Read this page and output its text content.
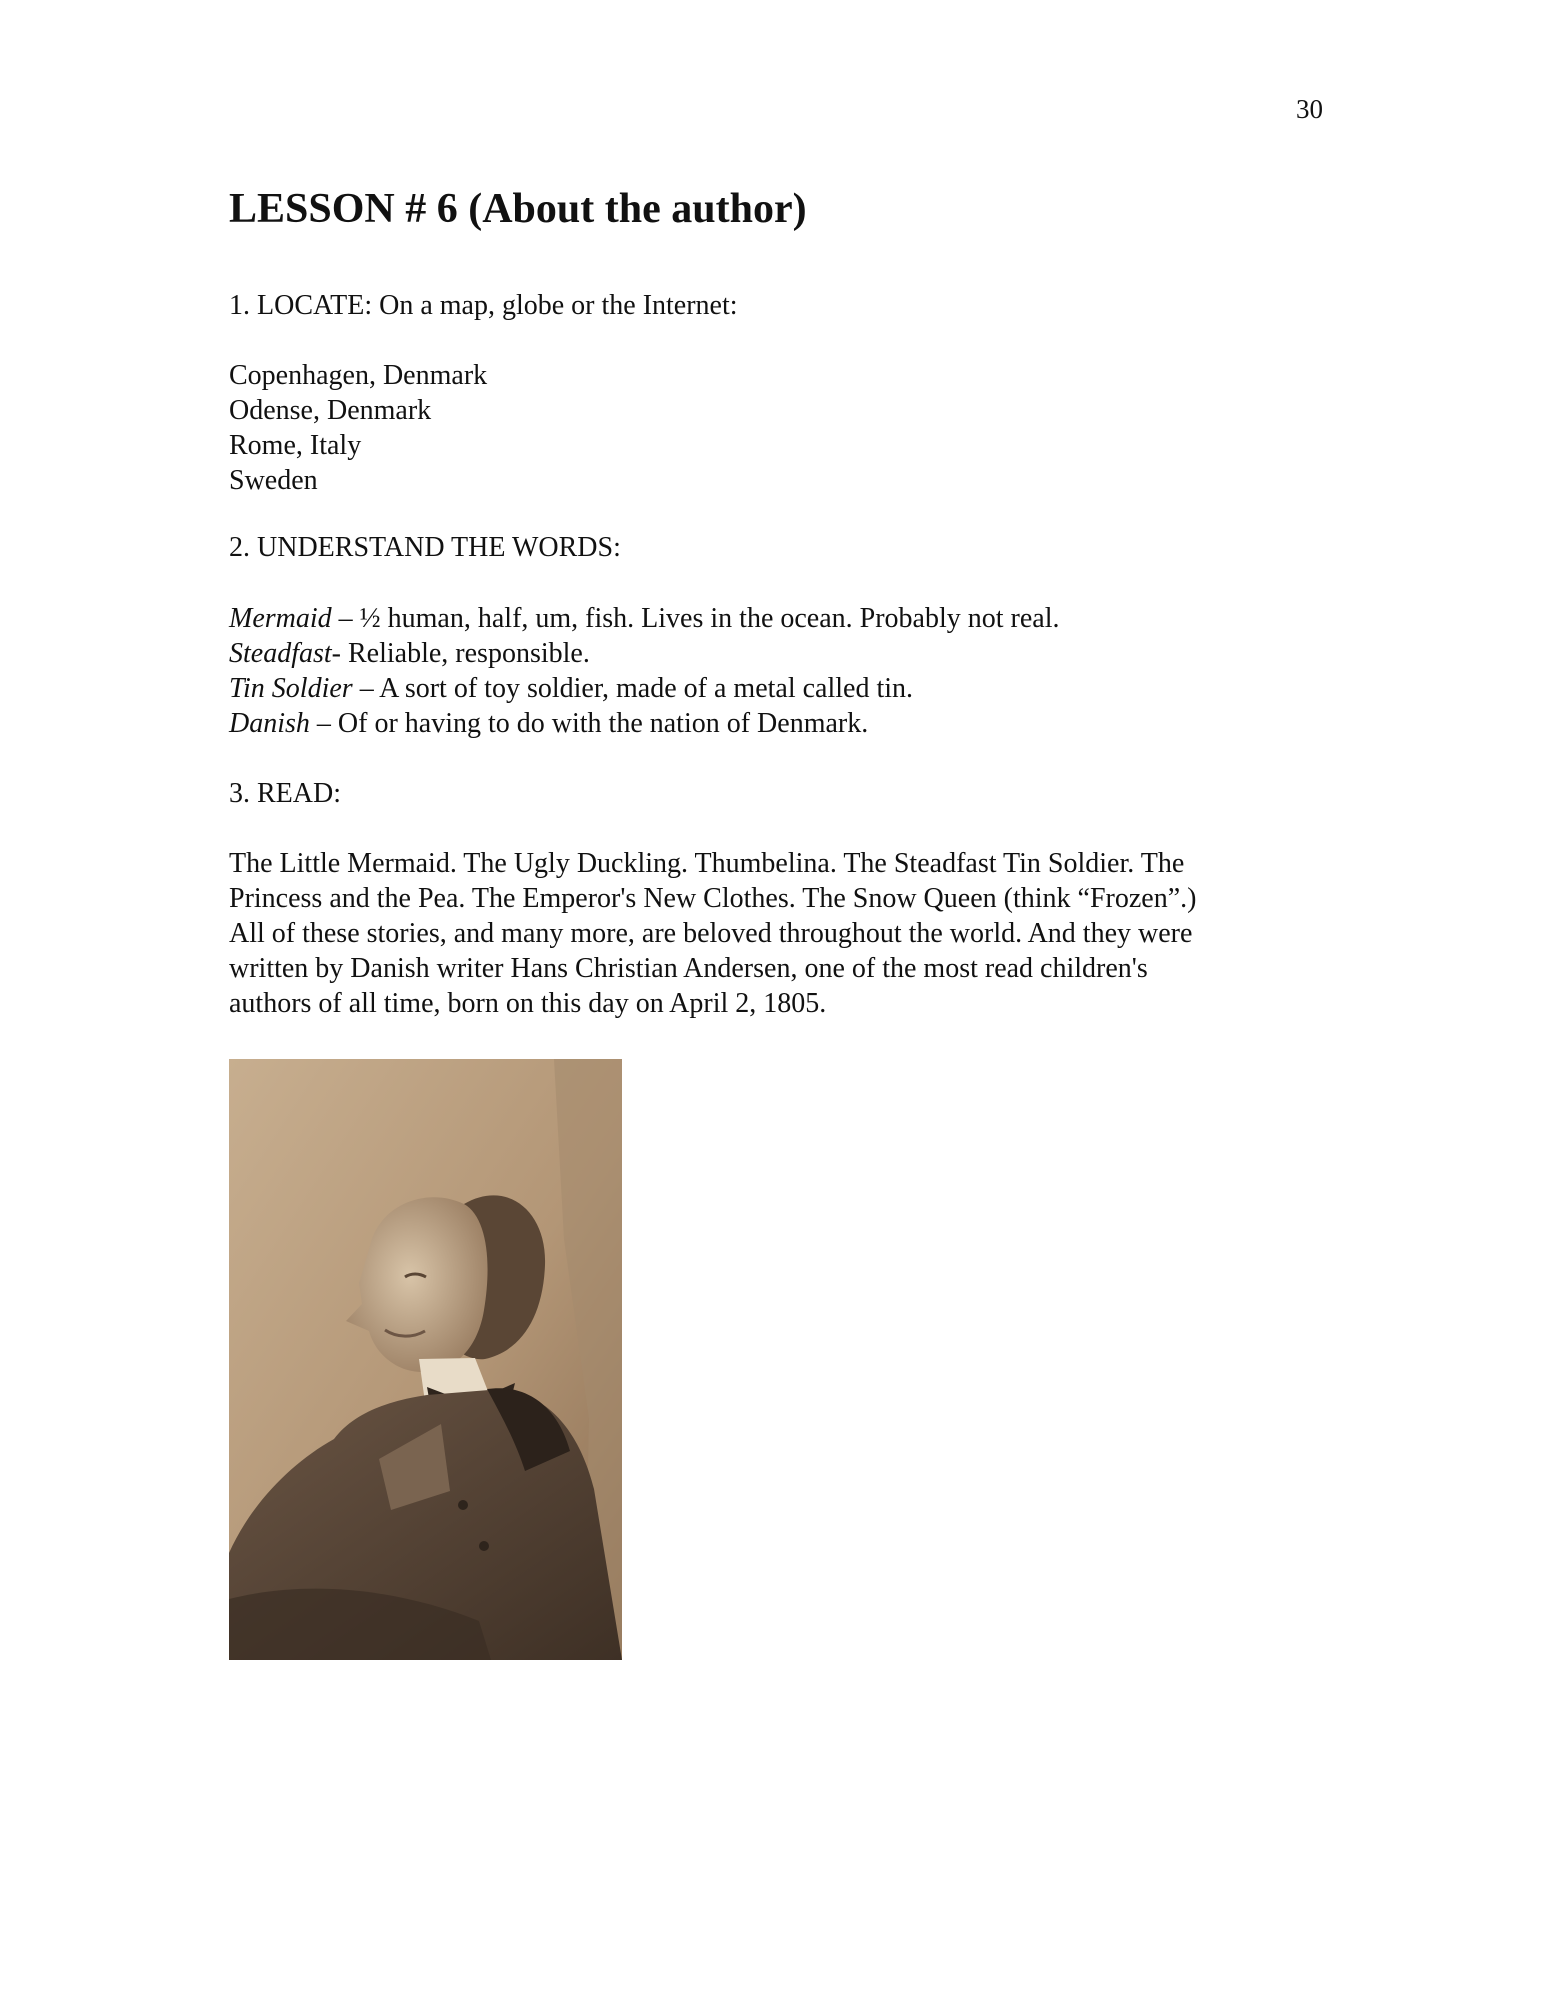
30
LESSON # 6 (About the author)
1. LOCATE: On a map, globe or the Internet:
Copenhagen, Denmark
Odense, Denmark
Rome, Italy
Sweden
2. UNDERSTAND THE WORDS:
Mermaid – ½ human, half, um, fish. Lives in the ocean. Probably not real.
Steadfast- Reliable, responsible.
Tin Soldier – A sort of toy soldier, made of a metal called tin.
Danish – Of or having to do with the nation of Denmark.
3. READ:
The Little Mermaid. The Ugly Duckling. Thumbelina. The Steadfast Tin Soldier. The
Princess and the Pea. The Emperor's New Clothes. The Snow Queen (think “Frozen”.)
All of these stories, and many more, are beloved throughout the world. And they were
written by Danish writer Hans Christian Andersen, one of the most read children's
authors of all time, born on this day on April 2, 1805.
